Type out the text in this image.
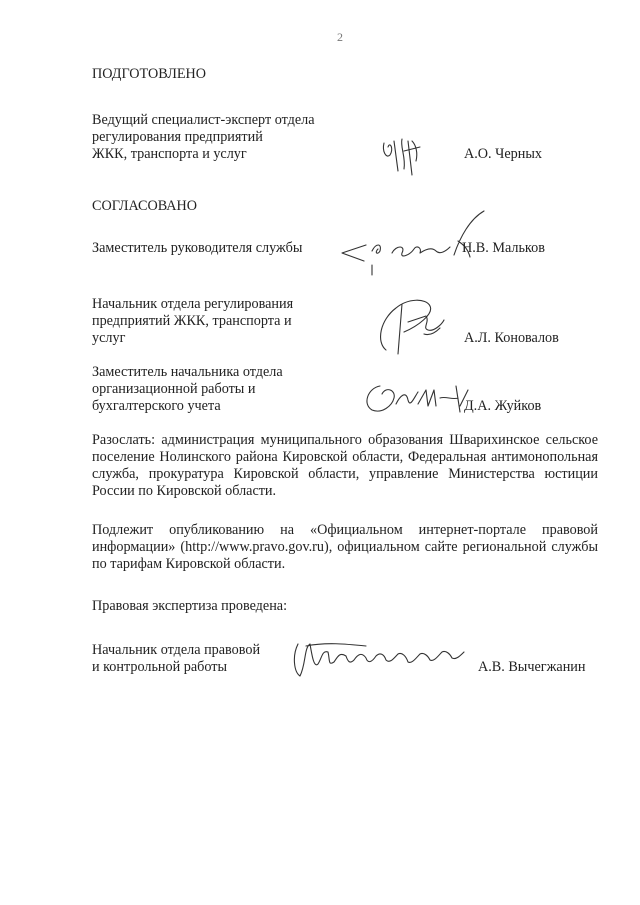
2
ПОДГОТОВЛЕНО
Ведущий специалист-эксперт отдела
регулирования предприятий
ЖКК, транспорта и услуг	А.О. Черных
СОГЛАСОВАНО
Заместитель руководителя службы	Н.В. Мальков
Начальник отдела регулирования
предприятий ЖКК, транспорта и
услуг	А.Л. Коновалов
Заместитель начальника отдела
организационной работы и
бухгалтерского учета	Д.А. Жуйков
Разослать: администрация муниципального образования Шварихинское сельское поселение Нолинского района Кировской области, Федеральная антимонопольная служба, прокуратура Кировской области, управление Министерства юстиции России по Кировской области.
Подлежит опубликованию на «Официальном интернет-портале правовой информации» (http://www.pravo.gov.ru), официальном сайте региональной службы по тарифам Кировской области.
Правовая экспертиза проведена:
Начальник отдела правовой
и контрольной работы	А.В. Вычегжанин
